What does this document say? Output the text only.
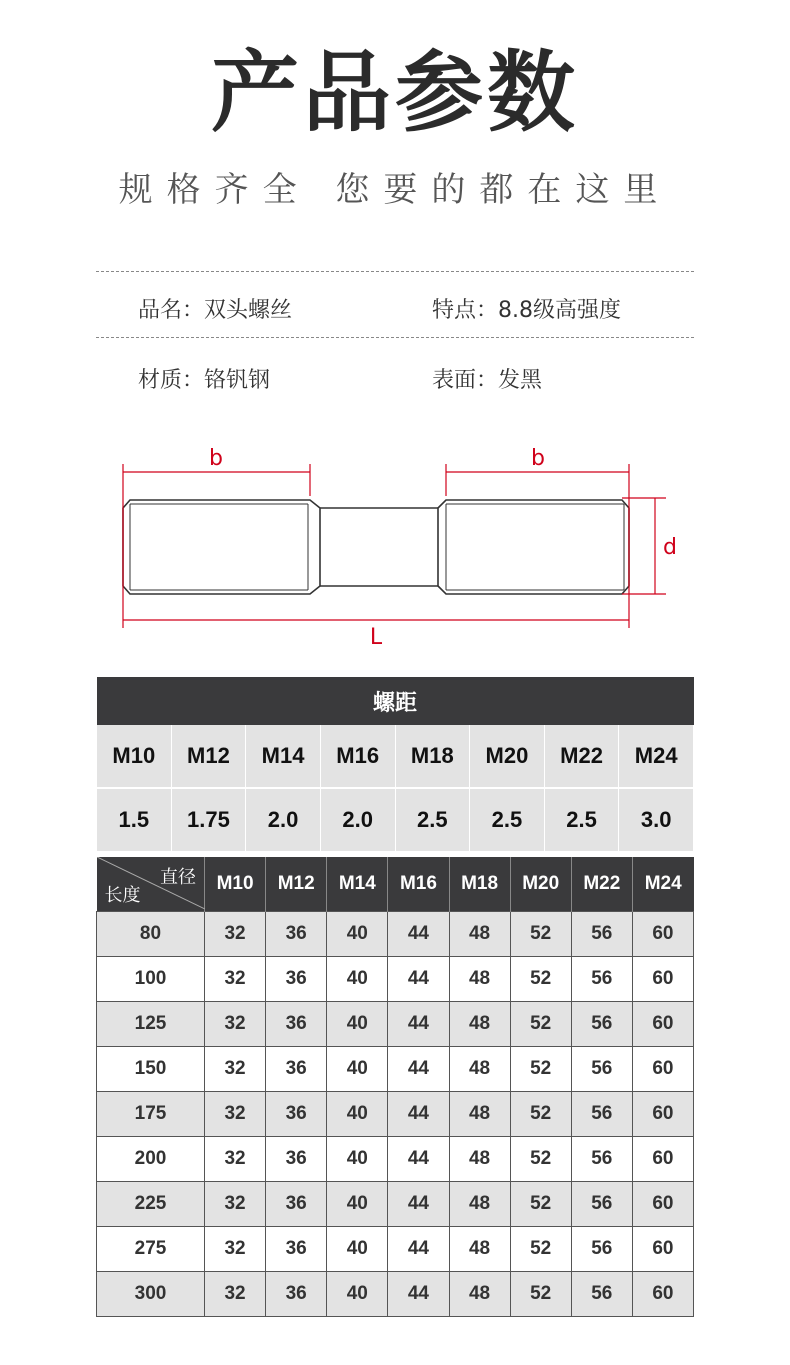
产品参数
规格齐全 您要的都在这里
品名 ： 双头螺丝	特点 ： 8.8级高强度
材质 ： 铬钒钢	表面 ： 发黑
b	b
d
L
螺距							
M10	M12	M14	M16	M18	M20	M22	M24
1.5	1.75	2.0	2.0	2.5	2.5	2.5	3.0
直径
长度	M10	M12	M14	M16	M18	M20	M22	M24
80	32	36	40	44	48	52	56	60
100	32	36	40	44	48	52	56	60
125	32	36	40	44	48	52	56	60
150	32	36	40	44	48	52	56	60
175	32	36	40	44	48	52	56	60
200	32	36	40	44	48	52	56	60
225	32	36	40	44	48	52	56	60
275	32	36	40	44	48	52	56	60
300	32	36	40	44	48	52	56	60
